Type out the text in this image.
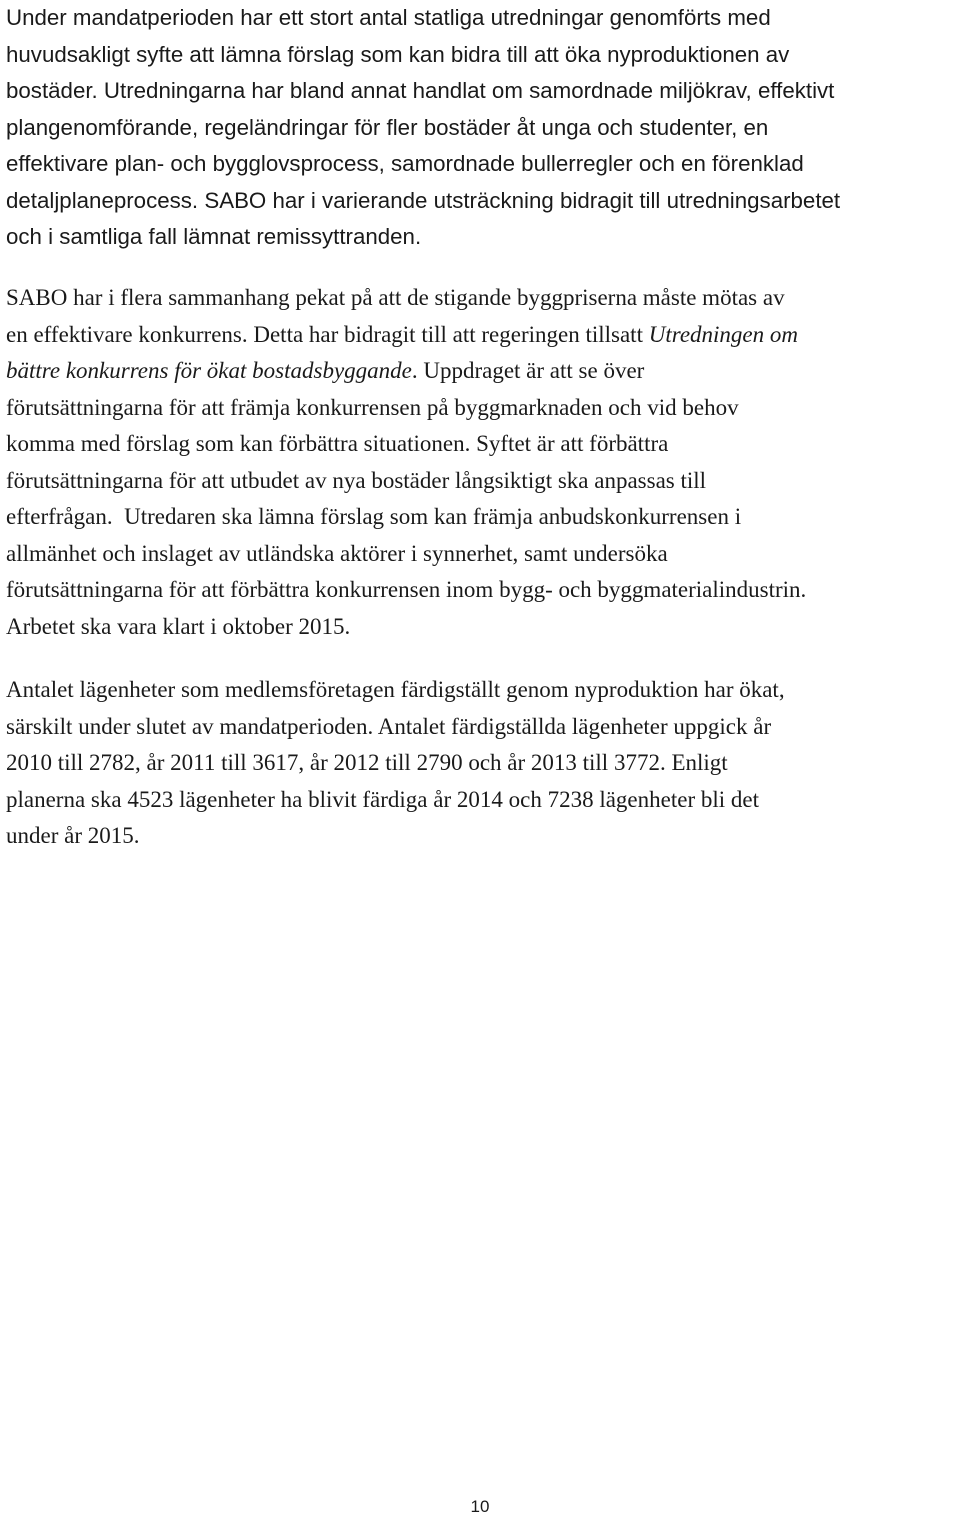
Under mandatperioden har ett stort antal statliga utredningar genomförts med
huvudsakligt syfte att lämna förslag som kan bidra till att öka nyproduktionen av
bostäder. Utredningarna har bland annat handlat om samordnade miljökrav, effektivt
plangenomförande, regeländringar för fler bostäder åt unga och studenter, en
effektivare plan- och bygglovsprocess, samordnade bullerregler och en förenklad
detaljplaneprocess. SABO har i varierande utsträckning bidragit till utredningsarbetet
och i samtliga fall lämnat remissyttranden.

SABO har i flera sammanhang pekat på att de stigande byggpriserna måste mötas av
en effektivare konkurrens. Detta har bidragit till att regeringen tillsatt Utredningen om
bättre konkurrens för ökat bostadsbyggande. Uppdraget är att se över
förutsättningarna för att främja konkurrensen på byggmarknaden och vid behov
komma med förslag som kan förbättra situationen. Syftet är att förbättra
förutsättningarna för att utbudet av nya bostäder långsiktigt ska anpassas till
efterfrågan.  Utredaren ska lämna förslag som kan främja anbudskonkurrensen i
allmänhet och inslaget av utländska aktörer i synnerhet, samt undersöka
förutsättningarna för att förbättra konkurrensen inom bygg- och byggmaterialindustrin.
Arbetet ska vara klart i oktober 2015.

Antalet lägenheter som medlemsföretagen färdigställt genom nyproduktion har ökat,
särskilt under slutet av mandatperioden. Antalet färdigställda lägenheter uppgick år
2010 till 2782, år 2011 till 3617, år 2012 till 2790 och år 2013 till 3772. Enligt
planerna ska 4523 lägenheter ha blivit färdiga år 2014 och 7238 lägenheter bli det
under år 2015.

10
